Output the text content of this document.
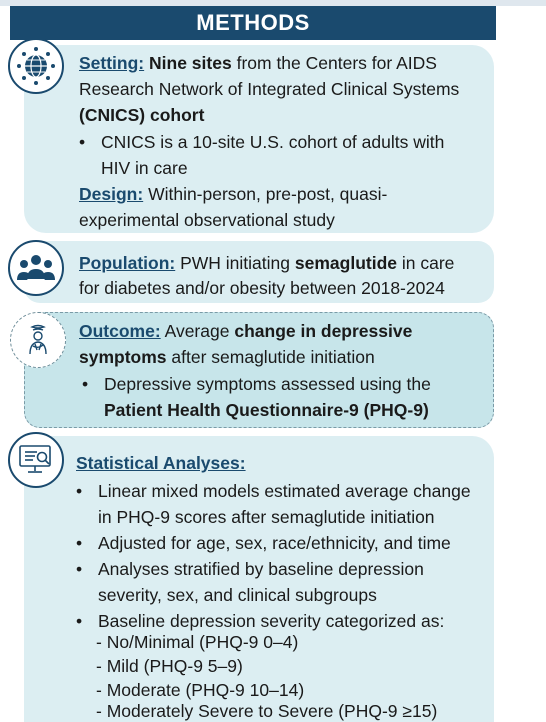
METHODS
Setting: Nine sites from the Centers for AIDS
Research Network of Integrated Clinical Systems
(CNICS) cohort
• CNICS is a 10-site U.S. cohort of adults with
HIV in care
Design: Within-person, pre-post, quasi-
experimental observational study
Population: PWH initiating semaglutide in care
for diabetes and/or obesity between 2018-2024
Outcome: Average change in depressive
symptoms after semaglutide initiation
• Depressive symptoms assessed using the
Patient Health Questionnaire-9 (PHQ-9)
Statistical Analyses:
• Linear mixed models estimated average change
in PHQ-9 scores after semaglutide initiation
• Adjusted for age, sex, race/ethnicity, and time
• Analyses stratified by baseline depression
severity, sex, and clinical subgroups
• Baseline depression severity categorized as:
- No/Minimal (PHQ-9 0–4)
- Mild (PHQ-9 5–9)
- Moderate (PHQ-9 10–14)
- Moderately Severe to Severe (PHQ-9 ≥15)
